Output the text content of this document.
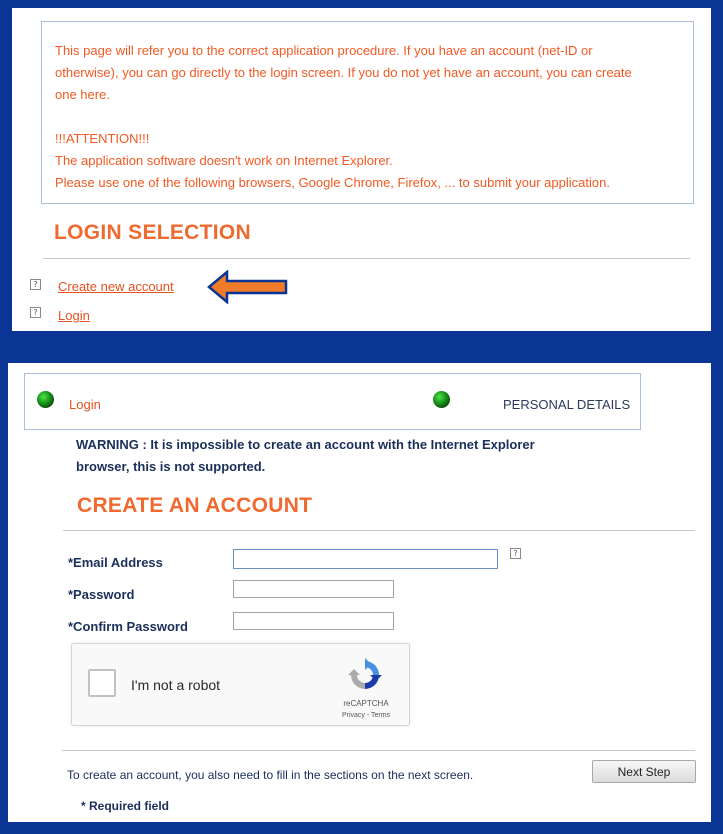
This page will refer you to the correct application procedure. If you have an account (net-ID or

otherwise), you can go directly to the login screen. If you do not yet have an account, you can create

one here.

!!!ATTENTION!!!

The application software doesn't work on Internet Explorer.

Please use one of the following browsers, Google Chrome, Firefox, ... to submit your application.

LOGIN SELECTION
? Create new account
? Login
Login	PERSONAL DETAILS
WARNING : It is impossible to create an account with the Internet Explorer
browser, this is not supported.
CREATE AN ACCOUNT
*Email Address
?
*Password
*Confirm Password
I'm not a robot
reCAPTCHA
Privacy - Terms
To create an account, you also need to fill in the sections on the next screen.	Next Step
* Required field
